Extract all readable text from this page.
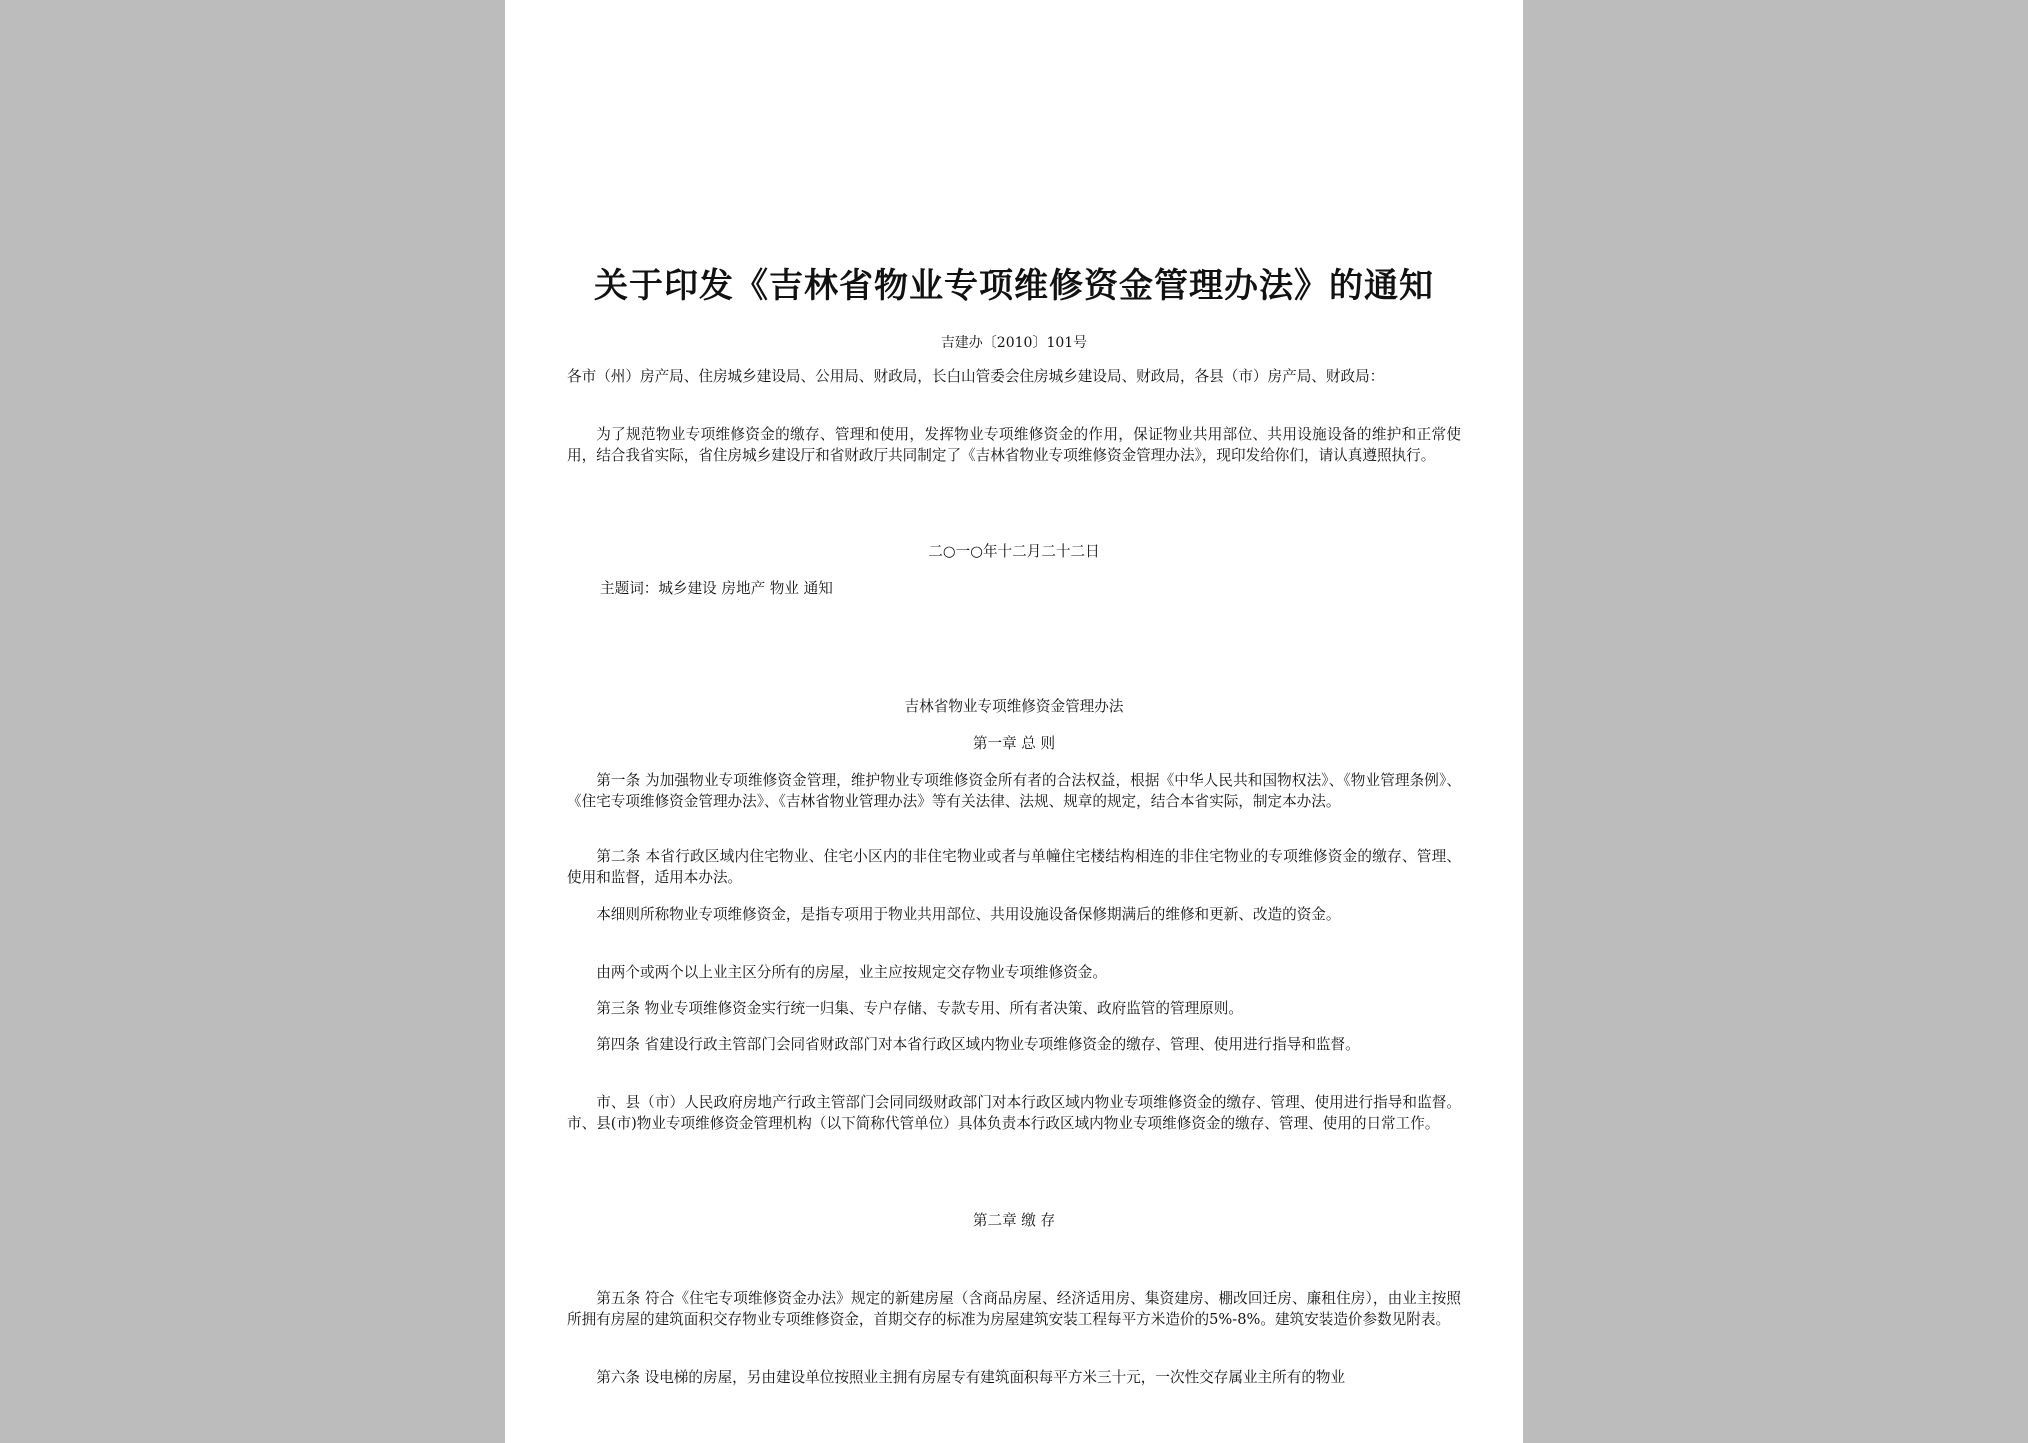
关于印发《吉林省物业专项维修资金管理办法》的通知
吉建办〔2010〕101号

各市（州）房产局、住房城乡建设局、公用局、财政局，长白山管委会住房城乡建设局、财政局，各县（市）房产局、财政局：

为了规范物业专项维修资金的缴存、管理和使用，发挥物业专项维修资金的作用，保证物业共用部位、共用设施设备的维护和正常使用，结合我省实际，省住房城乡建设厅和省财政厅共同制定了《吉林省物业专项维修资金管理办法》，现印发给你们，请认真遵照执行。

二○一○年十二月二十二日
主题词：城乡建设 房地产 物业 通知
吉林省物业专项维修资金管理办法
第一章 总 则

第一条 为加强物业专项维修资金管理，维护物业专项维修资金所有者的合法权益，根据《中华人民共和国物权法》、《物业管理条例》、《住宅专项维修资金管理办法》、《吉林省物业管理办法》等有关法律、法规、规章的规定，结合本省实际，制定本办法。

第二条 本省行政区域内住宅物业、住宅小区内的非住宅物业或者与单幢住宅楼结构相连的非住宅物业的专项维修资金的缴存、管理、使用和监督，适用本办法。

本细则所称物业专项维修资金，是指专项用于物业共用部位、共用设施设备保修期满后的维修和更新、改造的资金。

由两个或两个以上业主区分所有的房屋，业主应按规定交存物业专项维修资金。

第三条 物业专项维修资金实行统一归集、专户存储、专款专用、所有者决策、政府监管的管理原则。

第四条 省建设行政主管部门会同省财政部门对本省行政区域内物业专项维修资金的缴存、管理、使用进行指导和监督。

市、县（市）人民政府房地产行政主管部门会同同级财政部门对本行政区域内物业专项维修资金的缴存、管理、使用进行指导和监督。市、县(市)物业专项维修资金管理机构（以下简称代管单位）具体负责本行政区域内物业专项维修资金的缴存、管理、使用的日常工作。

第二章 缴 存

第五条 符合《住宅专项维修资金办法》规定的新建房屋（含商品房屋、经济适用房、集资建房、棚改回迁房、廉租住房），由业主按照所拥有房屋的建筑面积交存物业专项维修资金，首期交存的标准为房屋建筑安装工程每平方米造价的5%-8%。建筑安装造价参数见附表。

第六条 设电梯的房屋，另由建设单位按照业主拥有房屋专有建筑面积每平方米三十元，一次性交存属业主所有的物业
